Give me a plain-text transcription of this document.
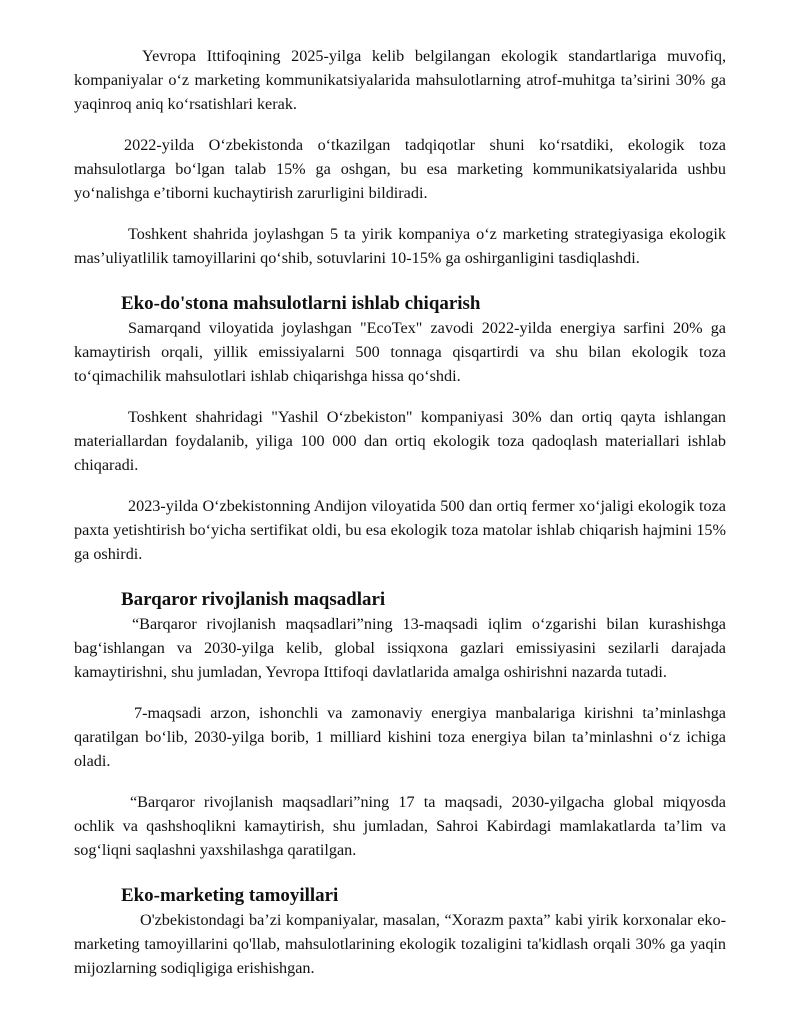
Yevropa Ittifoqining 2025-yilga kelib belgilangan ekologik standartlariga muvofiq, kompaniyalar o‘z marketing kommunikatsiyalarida mahsulotlarning atrof-muhitga ta’sirini 30% ga yaqinroq aniq ko‘rsatishlari kerak.

2022-yilda O‘zbekistonda o‘tkazilgan tadqiqotlar shuni ko‘rsatdiki, ekologik toza mahsulotlarga bo‘lgan talab 15% ga oshgan, bu esa marketing kommunikatsiyalarida ushbu yo‘nalishga e’tiborni kuchaytirish zarurligini bildiradi.

Toshkent shahrida joylashgan 5 ta yirik kompaniya o‘z marketing strategiyasiga ekologik mas’uliyatlilik tamoyillarini qo‘shib, sotuvlarini 10-15% ga oshirganligini tasdiqlashdi.

Eko-do'stona mahsulotlarni ishlab chiqarish

Samarqand viloyatida joylashgan "EcoTex" zavodi 2022-yilda energiya sarfini 20% ga kamaytirish orqali, yillik emissiyalarni 500 tonnaga qisqartirdi va shu bilan ekologik toza to‘qimachilik mahsulotlari ishlab chiqarishga hissa qo‘shdi.

Toshkent shahridagi "Yashil O‘zbekiston" kompaniyasi 30% dan ortiq qayta ishlangan materiallardan foydalanib, yiliga 100 000 dan ortiq ekologik toza qadoqlash materiallari ishlab chiqaradi.

2023-yilda O‘zbekistonning Andijon viloyatida 500 dan ortiq fermer xo‘jaligi ekologik toza paxta yetishtirish bo‘yicha sertifikat oldi, bu esa ekologik toza matolar ishlab chiqarish hajmini 15% ga oshirdi.

Barqaror rivojlanish maqsadlari

“Barqaror rivojlanish maqsadlari”ning 13-maqsadi iqlim o‘zgarishi bilan kurashishga bag‘ishlangan va 2030-yilga kelib, global issiqxona gazlari emissiyasini sezilarli darajada kamaytirishni, shu jumladan, Yevropa Ittifoqi davlatlarida amalga oshirishni nazarda tutadi.

7-maqsadi arzon, ishonchli va zamonaviy energiya manbalariga kirishni ta’minlashga qaratilgan bo‘lib, 2030-yilga borib, 1 milliard kishini toza energiya bilan ta’minlashni o‘z ichiga oladi.

“Barqaror rivojlanish maqsadlari”ning 17 ta maqsadi, 2030-yilgacha global miqyosda ochlik va qashshoqlikni kamaytirish, shu jumladan, Sahroi Kabirdagi mamlakatlarda ta’lim va sog‘liqni saqlashni yaxshilashga qaratilgan.

Eko-marketing tamoyillari

O'zbekistondagi ba’zi kompaniyalar, masalan, “Xorazm paxta” kabi yirik korxonalar eko-marketing tamoyillarini qo'llab, mahsulotlarining ekologik tozaligini ta'kidlash orqali 30% ga yaqin mijozlarning sodiqligiga erishishgan.
